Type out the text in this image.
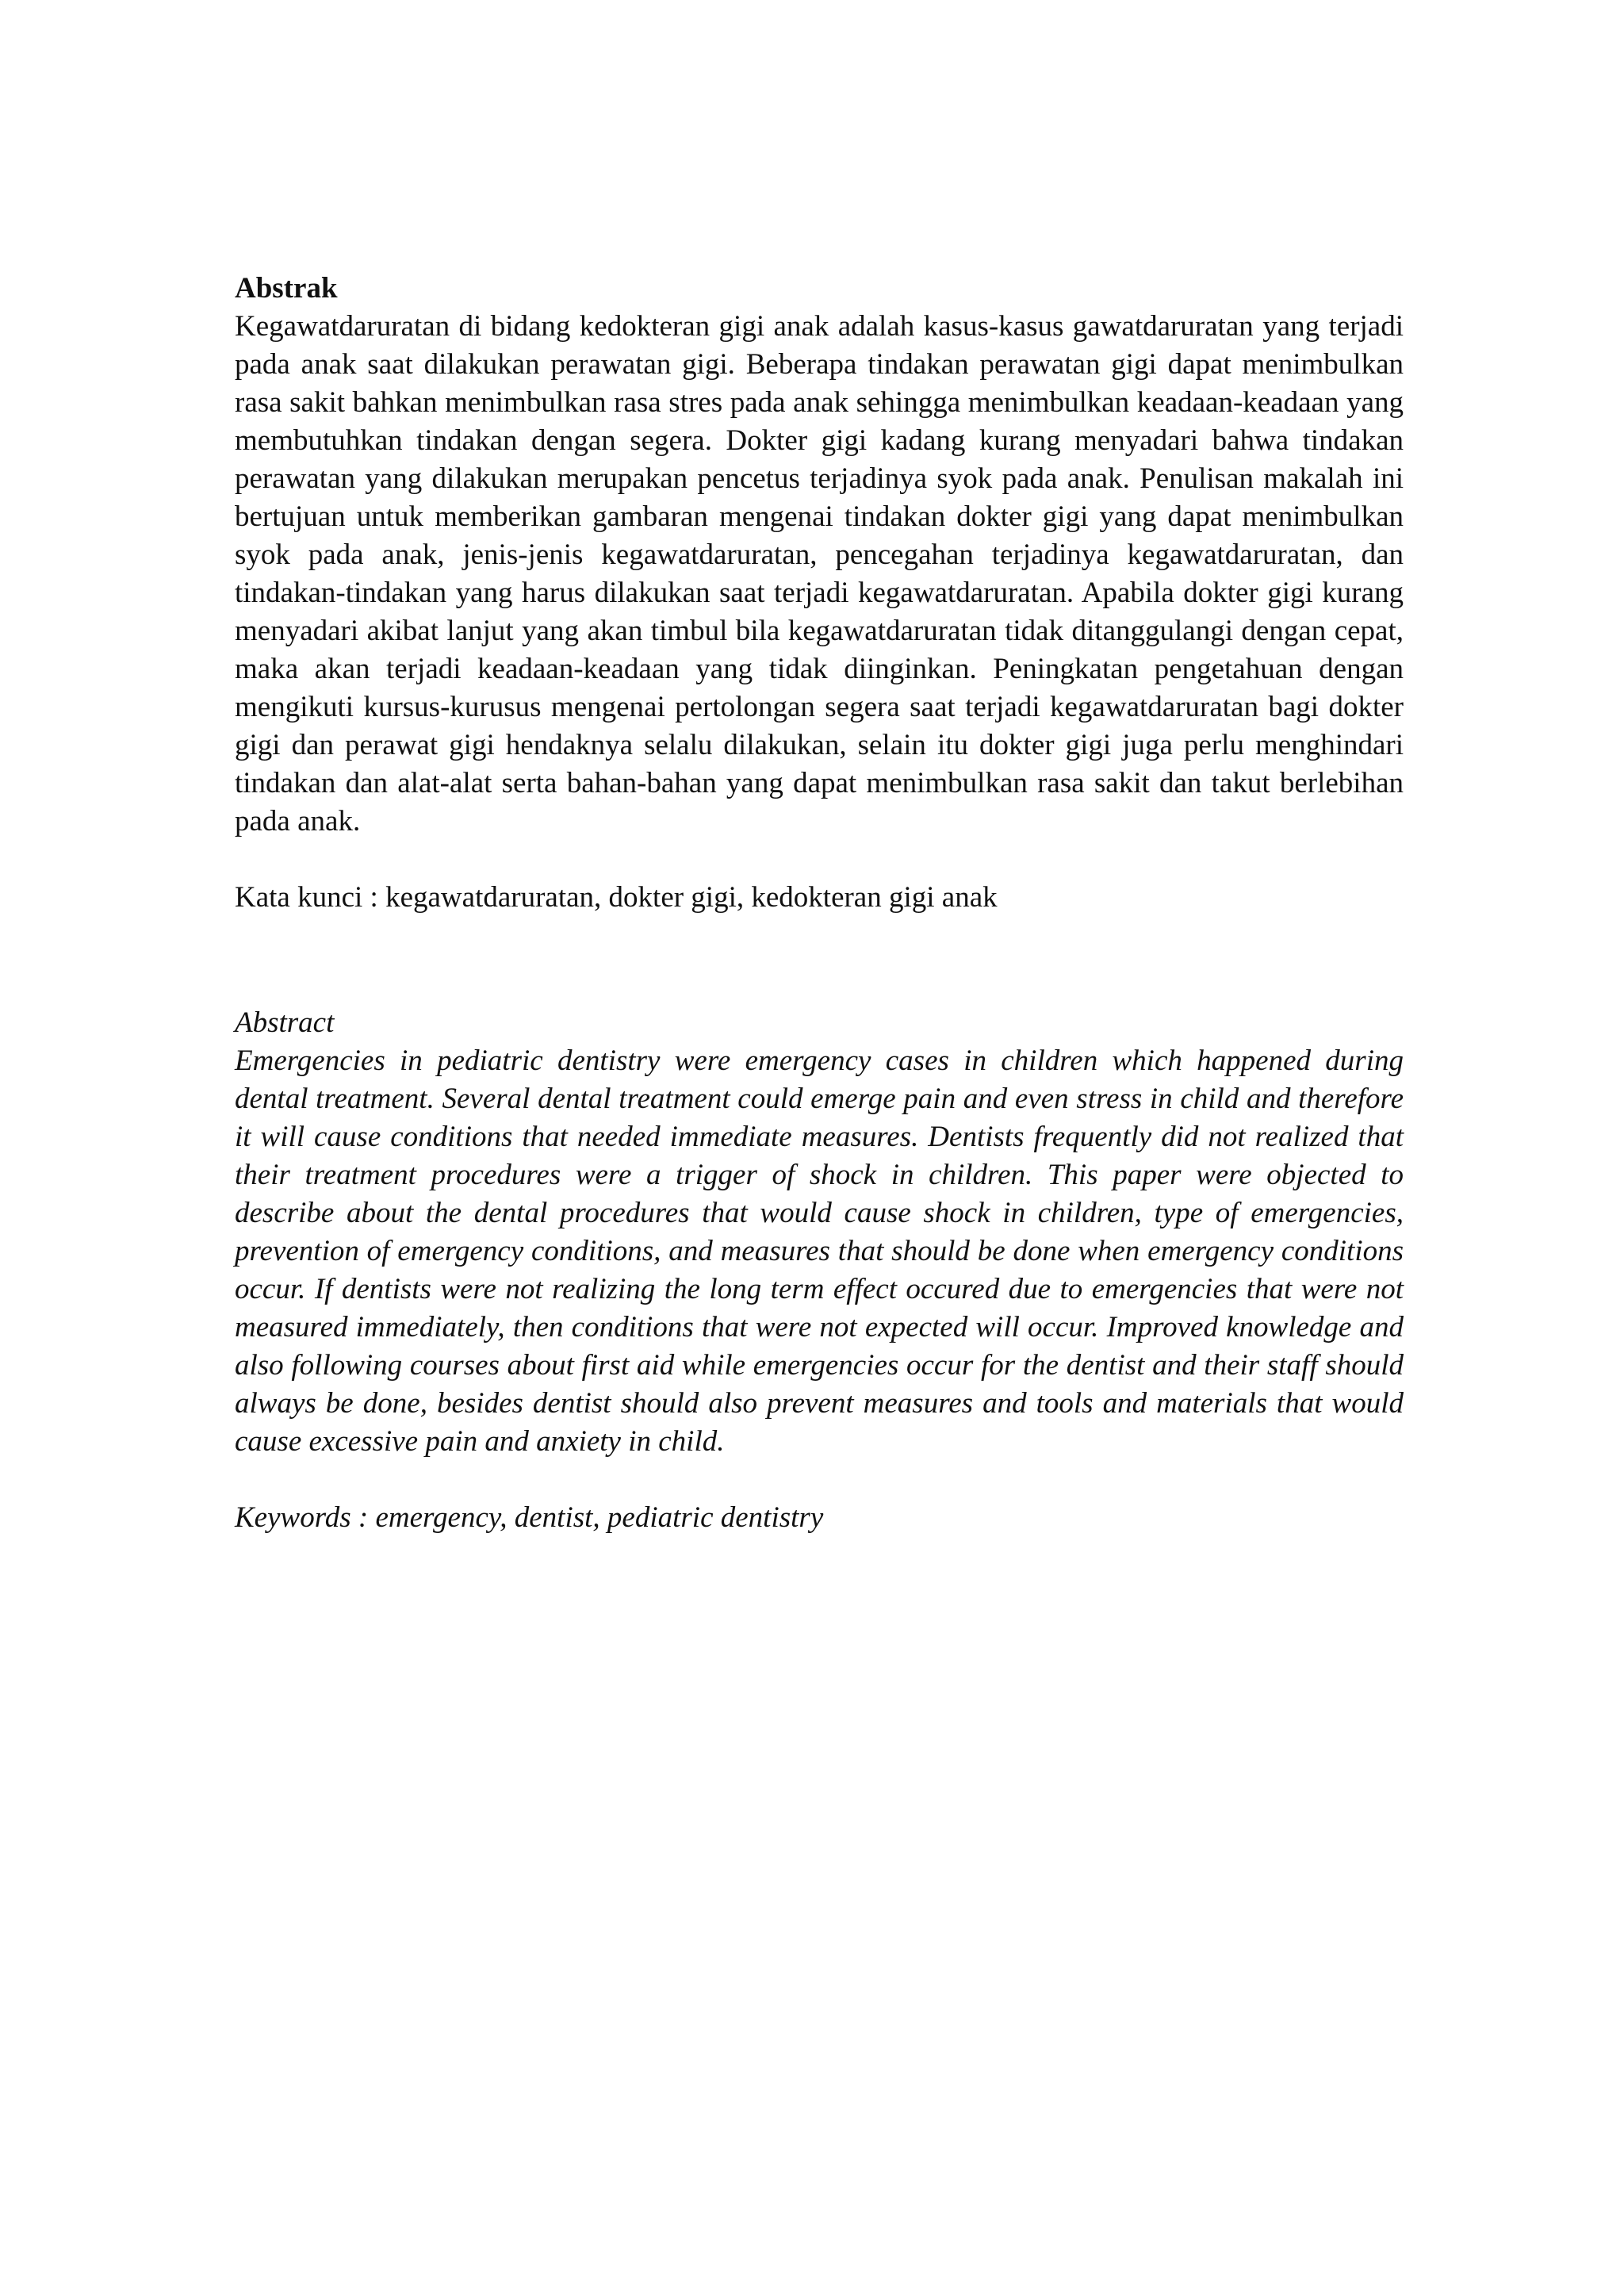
Abstrak

Kegawatdaruratan di bidang kedokteran gigi anak adalah kasus-kasus gawatdaruratan yang terjadi pada anak saat dilakukan perawatan gigi. Beberapa tindakan perawatan gigi dapat menimbulkan rasa sakit bahkan menimbulkan rasa stres pada anak sehingga menimbulkan keadaan-keadaan yang membutuhkan tindakan dengan segera. Dokter gigi kadang kurang menyadari bahwa tindakan perawatan yang dilakukan merupakan pencetus terjadinya syok pada anak. Penulisan makalah ini bertujuan untuk memberikan gambaran mengenai tindakan dokter gigi yang dapat menimbulkan syok pada anak, jenis-jenis kegawatdaruratan, pencegahan terjadinya kegawatdaruratan, dan tindakan-tindakan yang harus dilakukan saat terjadi kegawatdaruratan. Apabila dokter gigi kurang menyadari akibat lanjut yang akan timbul bila kegawatdaruratan tidak ditanggulangi dengan cepat, maka akan terjadi keadaan-keadaan yang tidak diinginkan. Peningkatan pengetahuan dengan mengikuti kursus-kurusus mengenai pertolongan segera saat terjadi kegawatdaruratan bagi dokter gigi dan perawat gigi hendaknya selalu dilakukan, selain itu dokter gigi juga perlu menghindari tindakan dan alat-alat serta bahan-bahan yang dapat menimbulkan rasa sakit dan takut berlebihan pada anak.

Kata kunci : kegawatdaruratan, dokter gigi, kedokteran gigi anak

Abstract

Emergencies in pediatric dentistry were emergency cases in children which happened during dental treatment. Several dental treatment could emerge pain and even stress in child and therefore it will cause conditions that needed immediate measures. Dentists frequently did not realized that their treatment procedures were a trigger of shock in children. This paper were objected to describe about the dental procedures that would cause shock in children, type of emergencies, prevention of emergency conditions, and measures that should be done when emergency conditions occur. If dentists were not realizing the long term effect occured due to emergencies that were not measured immediately, then conditions that were not expected will occur. Improved knowledge and also following courses about first aid while emergencies occur for the dentist and their staff should always be done, besides dentist should also prevent measures and tools and materials that would cause excessive pain and anxiety in child.

Keywords : emergency, dentist, pediatric dentistry
